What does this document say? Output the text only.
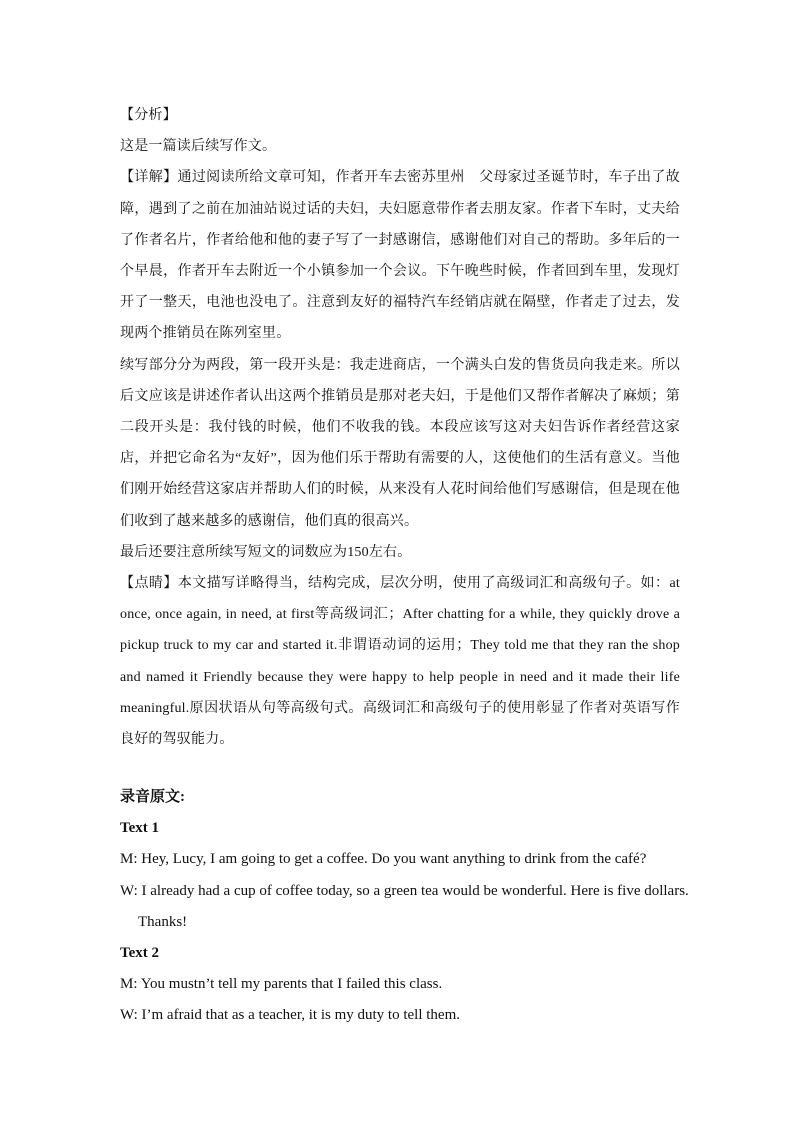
【分析】

这是一篇读后续写作文。

【详解】通过阅读所给文章可知，作者开车去密苏里州　父母家过圣诞节时，车子出了故障，遇到了之前在加油站说过话的夫妇，夫妇愿意带作者去朋友家。作者下车时，丈夫给了作者名片，作者给他和他的妻子写了一封感谢信，感谢他们对自己的帮助。多年后的一个早晨，作者开车去附近一个小镇参加一个会议。下午晚些时候，作者回到车里，发现灯开了一整天，电池也没电了。注意到友好的福特汽车经销店就在隔壁，作者走了过去，发现两个推销员在陈列室里。

续写部分分为两段，第一段开头是：我走进商店，一个满头白发的售货员向我走来。所以后文应该是讲述作者认出这两个推销员是那对老夫妇，于是他们又帮作者解决了麻烦；第二段开头是：我付钱的时候，他们不收我的钱。本段应该写这对夫妇告诉作者经营这家店，并把它命名为“友好”，因为他们乐于帮助有需要的人，这使他们的生活有意义。当他们刚开始经营这家店并帮助人们的时候，从来没有人花时间给他们写感谢信，但是现在他们收到了越来越多的感谢信，他们真的很高兴。

最后还要注意所续写短文的词数应为150左右。

【点睛】本文描写详略得当，结构完成，层次分明，使用了高级词汇和高级句子。如：at once, once again, in need, at first等高级词汇；After chatting for a while, they quickly drove a pickup truck to my car and started it.非谓语动词的运用；They told me that they ran the shop and named it Friendly because they were happy to help people in need and it made their life meaningful.原因状语从句等高级句式。高级词汇和高级句子的使用彰显了作者对英语写作良好的驾驭能力。

录音原文:

Text 1

M: Hey, Lucy, I am going to get a coffee. Do you want anything to drink from the café?

W: I already had a cup of coffee today, so a green tea would be wonderful. Here is five dollars. Thanks!

Text 2

M: You mustn’t tell my parents that I failed this class.

W: I’m afraid that as a teacher, it is my duty to tell them.
